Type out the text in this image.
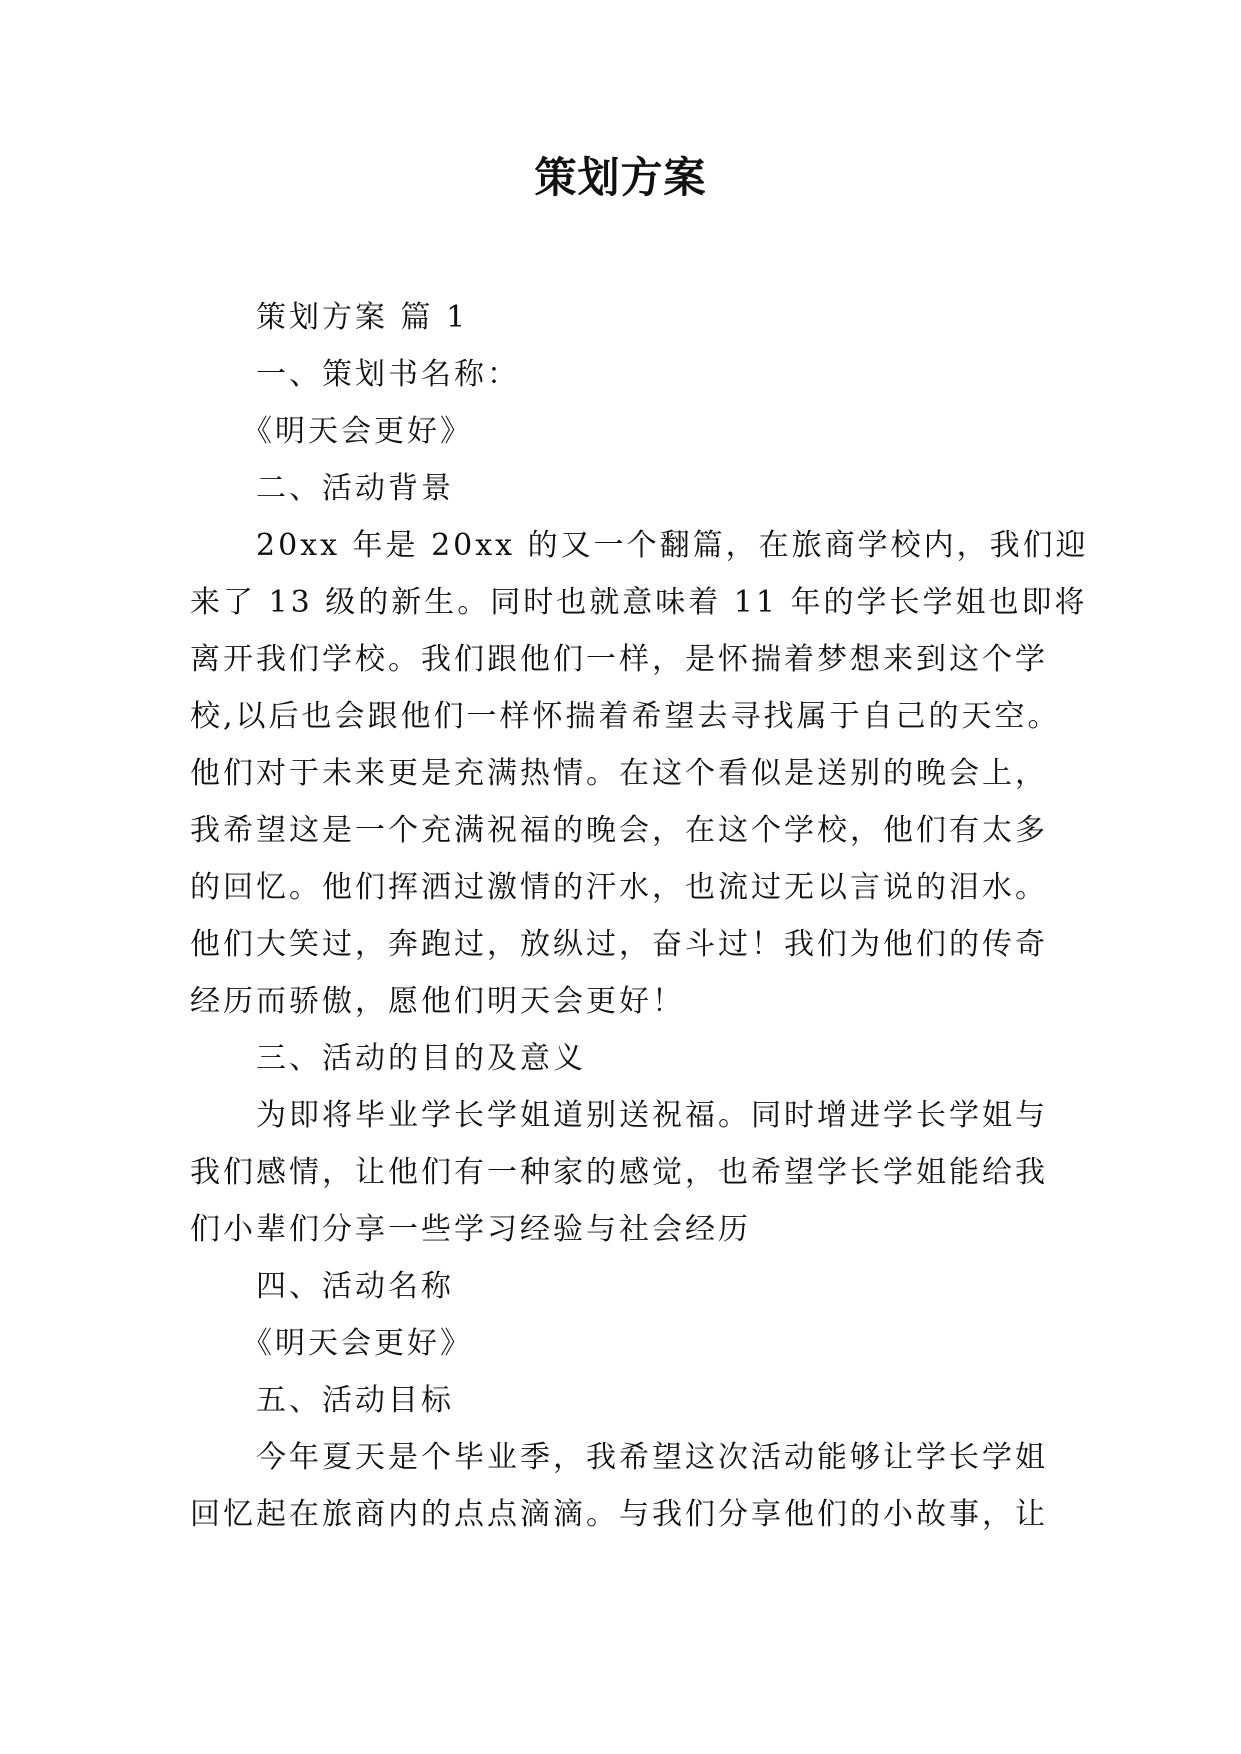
策划方案
策划方案 篇 1
一、策划书名称：
《明天会更好》
二、活动背景
20xx 年是 20xx 的又一个翻篇，在旅商学校内，我们迎
来了 13 级的新生。同时也就意味着 11 年的学长学姐也即将
离开我们学校。我们跟他们一样，是怀揣着梦想来到这个学
校,以后也会跟他们一样怀揣着希望去寻找属于自己的天空。
他们对于未来更是充满热情。在这个看似是送别的晚会上，
我希望这是一个充满祝福的晚会，在这个学校，他们有太多
的回忆。他们挥洒过激情的汗水，也流过无以言说的泪水。
他们大笑过，奔跑过，放纵过，奋斗过！我们为他们的传奇
经历而骄傲，愿他们明天会更好！
三、活动的目的及意义
为即将毕业学长学姐道别送祝福。同时增进学长学姐与
我们感情，让他们有一种家的感觉，也希望学长学姐能给我
们小辈们分享一些学习经验与社会经历
四、活动名称
《明天会更好》
五、活动目标
今年夏天是个毕业季，我希望这次活动能够让学长学姐
回忆起在旅商内的点点滴滴。与我们分享他们的小故事，让
